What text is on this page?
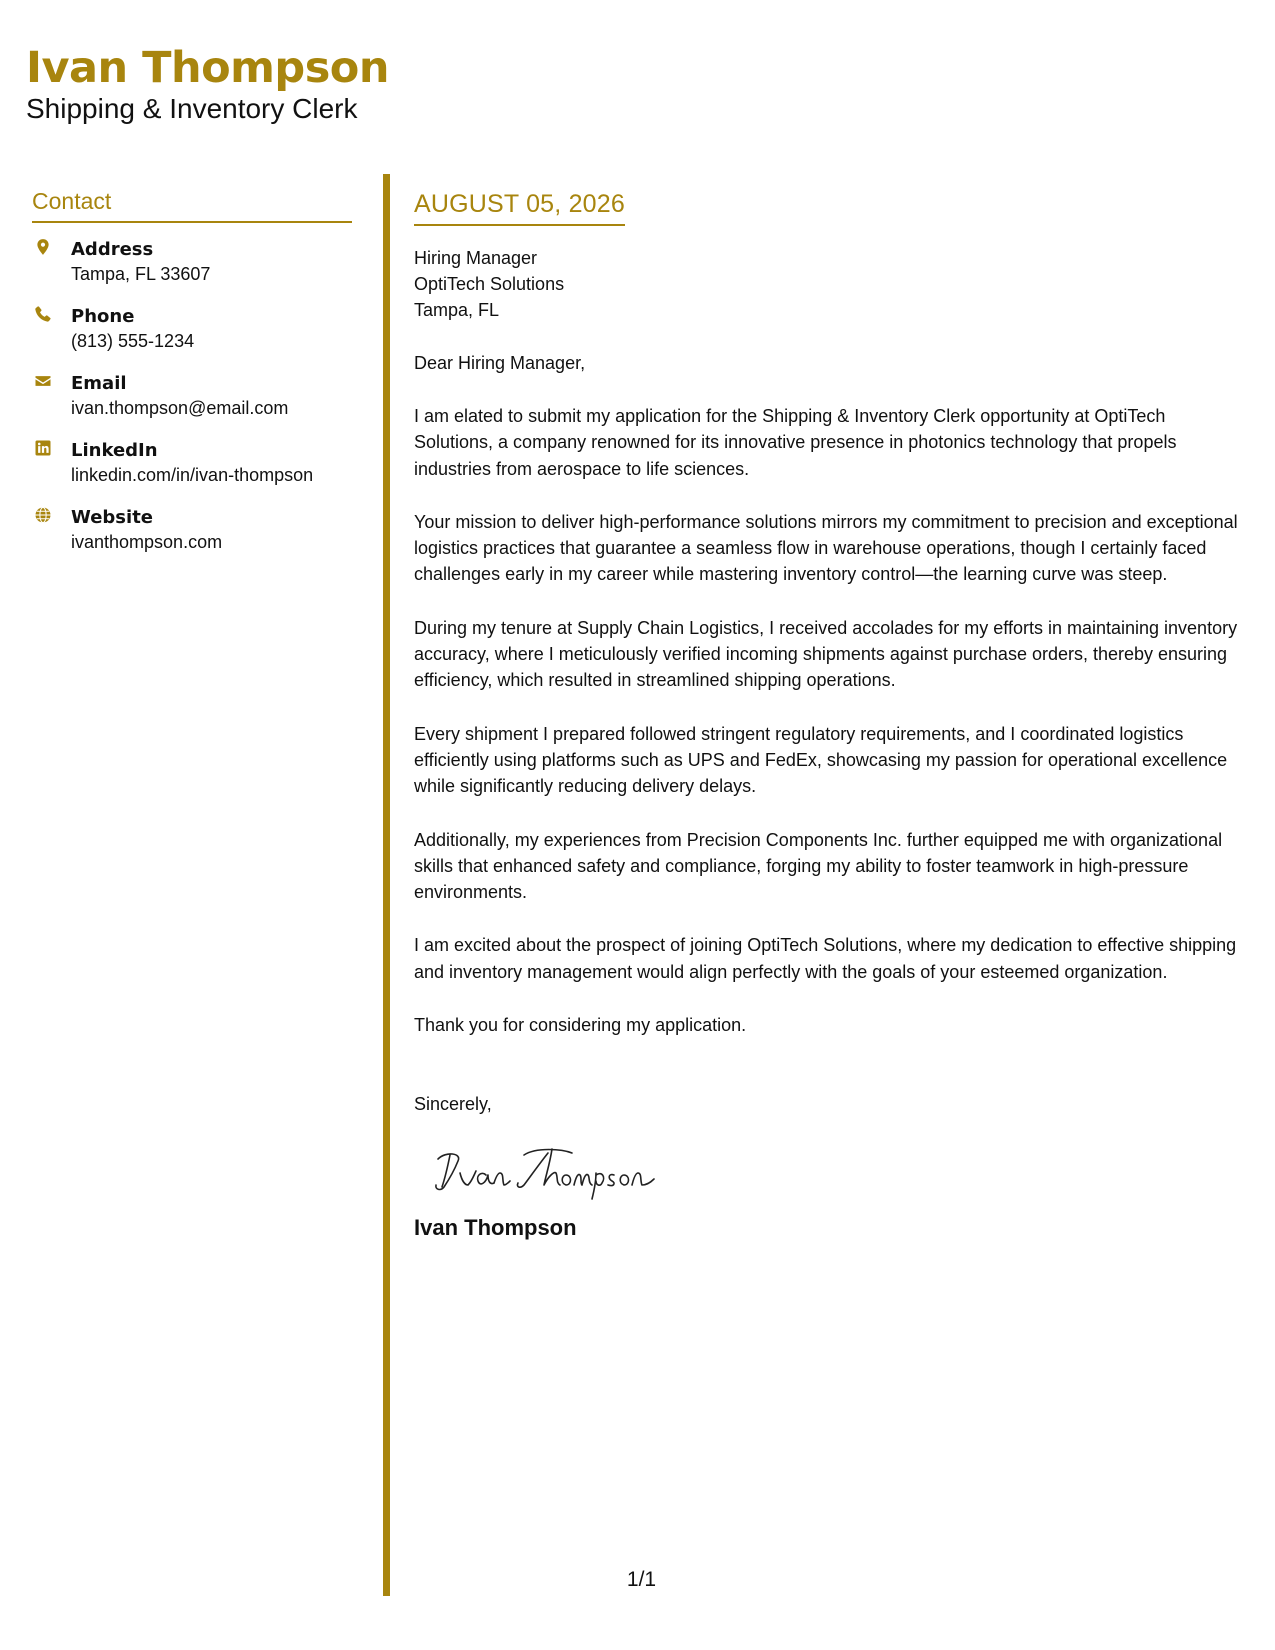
Ivan Thompson
Shipping & Inventory Clerk
Contact
Address
Tampa, FL 33607
Phone
(813) 555-1234
Email
ivan.thompson@email.com
LinkedIn
linkedin.com/in/ivan-thompson
Website
ivanthompson.com
AUGUST 05, 2026
Hiring Manager
OptiTech Solutions
Tampa, FL
Dear Hiring Manager,
I am elated to submit my application for the Shipping & Inventory Clerk opportunity at OptiTech Solutions, a company renowned for its innovative presence in photonics technology that propels industries from aerospace to life sciences.
Your mission to deliver high-performance solutions mirrors my commitment to precision and exceptional logistics practices that guarantee a seamless flow in warehouse operations, though I certainly faced challenges early in my career while mastering inventory control—the learning curve was steep.
During my tenure at Supply Chain Logistics, I received accolades for my efforts in maintaining inventory accuracy, where I meticulously verified incoming shipments against purchase orders, thereby ensuring efficiency, which resulted in streamlined shipping operations.
Every shipment I prepared followed stringent regulatory requirements, and I coordinated logistics efficiently using platforms such as UPS and FedEx, showcasing my passion for operational excellence while significantly reducing delivery delays.
Additionally, my experiences from Precision Components Inc. further equipped me with organizational skills that enhanced safety and compliance, forging my ability to foster teamwork in high-pressure environments.
I am excited about the prospect of joining OptiTech Solutions, where my dedication to effective shipping and inventory management would align perfectly with the goals of your esteemed organization.
Thank you for considering my application.
Sincerely,
Ivan Thompson
1/1
